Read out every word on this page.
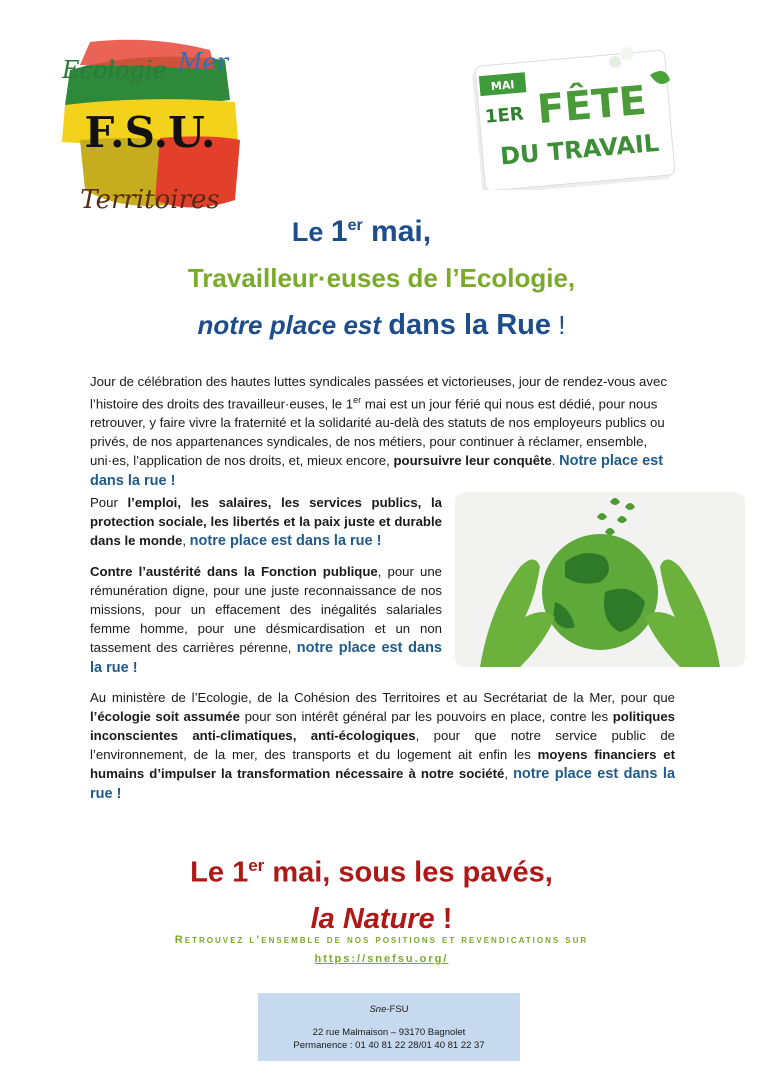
Ecologie Mer
F.S.U.
Territoires
MAI
1ER FÊTE
DU TRAVAIL
Le 1er mai,
Travailleur·euses de l’Ecologie,
notre place est dans la Rue !
Jour de célébration des hautes luttes syndicales passées et victorieuses, jour de rendez-vous avec l’histoire des droits des travailleur·euses, le 1er mai est un jour férié qui nous est dédié, pour nous retrouver, y faire vivre la fraternité et la solidarité au-delà des statuts de nos employeurs publics ou privés, de nos appartenances syndicales, de nos métiers, pour continuer à réclamer, ensemble, uni·es, l’application de nos droits, et, mieux encore, poursuivre leur conquête. Notre place est dans la rue !
Pour l’emploi, les salaires, les services publics, la protection sociale, les libertés et la paix juste et durable dans le monde, notre place est dans la rue !
Contre l’austérité dans la Fonction publique, pour une rémunération digne, pour une juste reconnaissance de nos missions, pour un effacement des inégalités salariales femme homme, pour une désmicardisation et un non tassement des carrières pérenne, notre place est dans la rue !
Au ministère de l’Ecologie, de la Cohésion des Territoires et au Secrétariat de la Mer, pour que l’écologie soit assumée pour son intérêt général par les pouvoirs en place, contre les politiques inconscientes anti-climatiques, anti-écologiques, pour que notre service public de l’environnement, de la mer, des transports et du logement ait enfin les moyens financiers et humains d’impulser la transformation nécessaire à notre société, notre place est dans la rue !
Le 1er mai, sous les pavés,
la Nature !
Retrouvez l’ensemble de nos positions et revendications sur
https://snefsu.org/
Sne-FSU
22 rue Malmaison – 93170 Bagnolet
Permanence : 01 40 81 22 28/01 40 81 22 37
